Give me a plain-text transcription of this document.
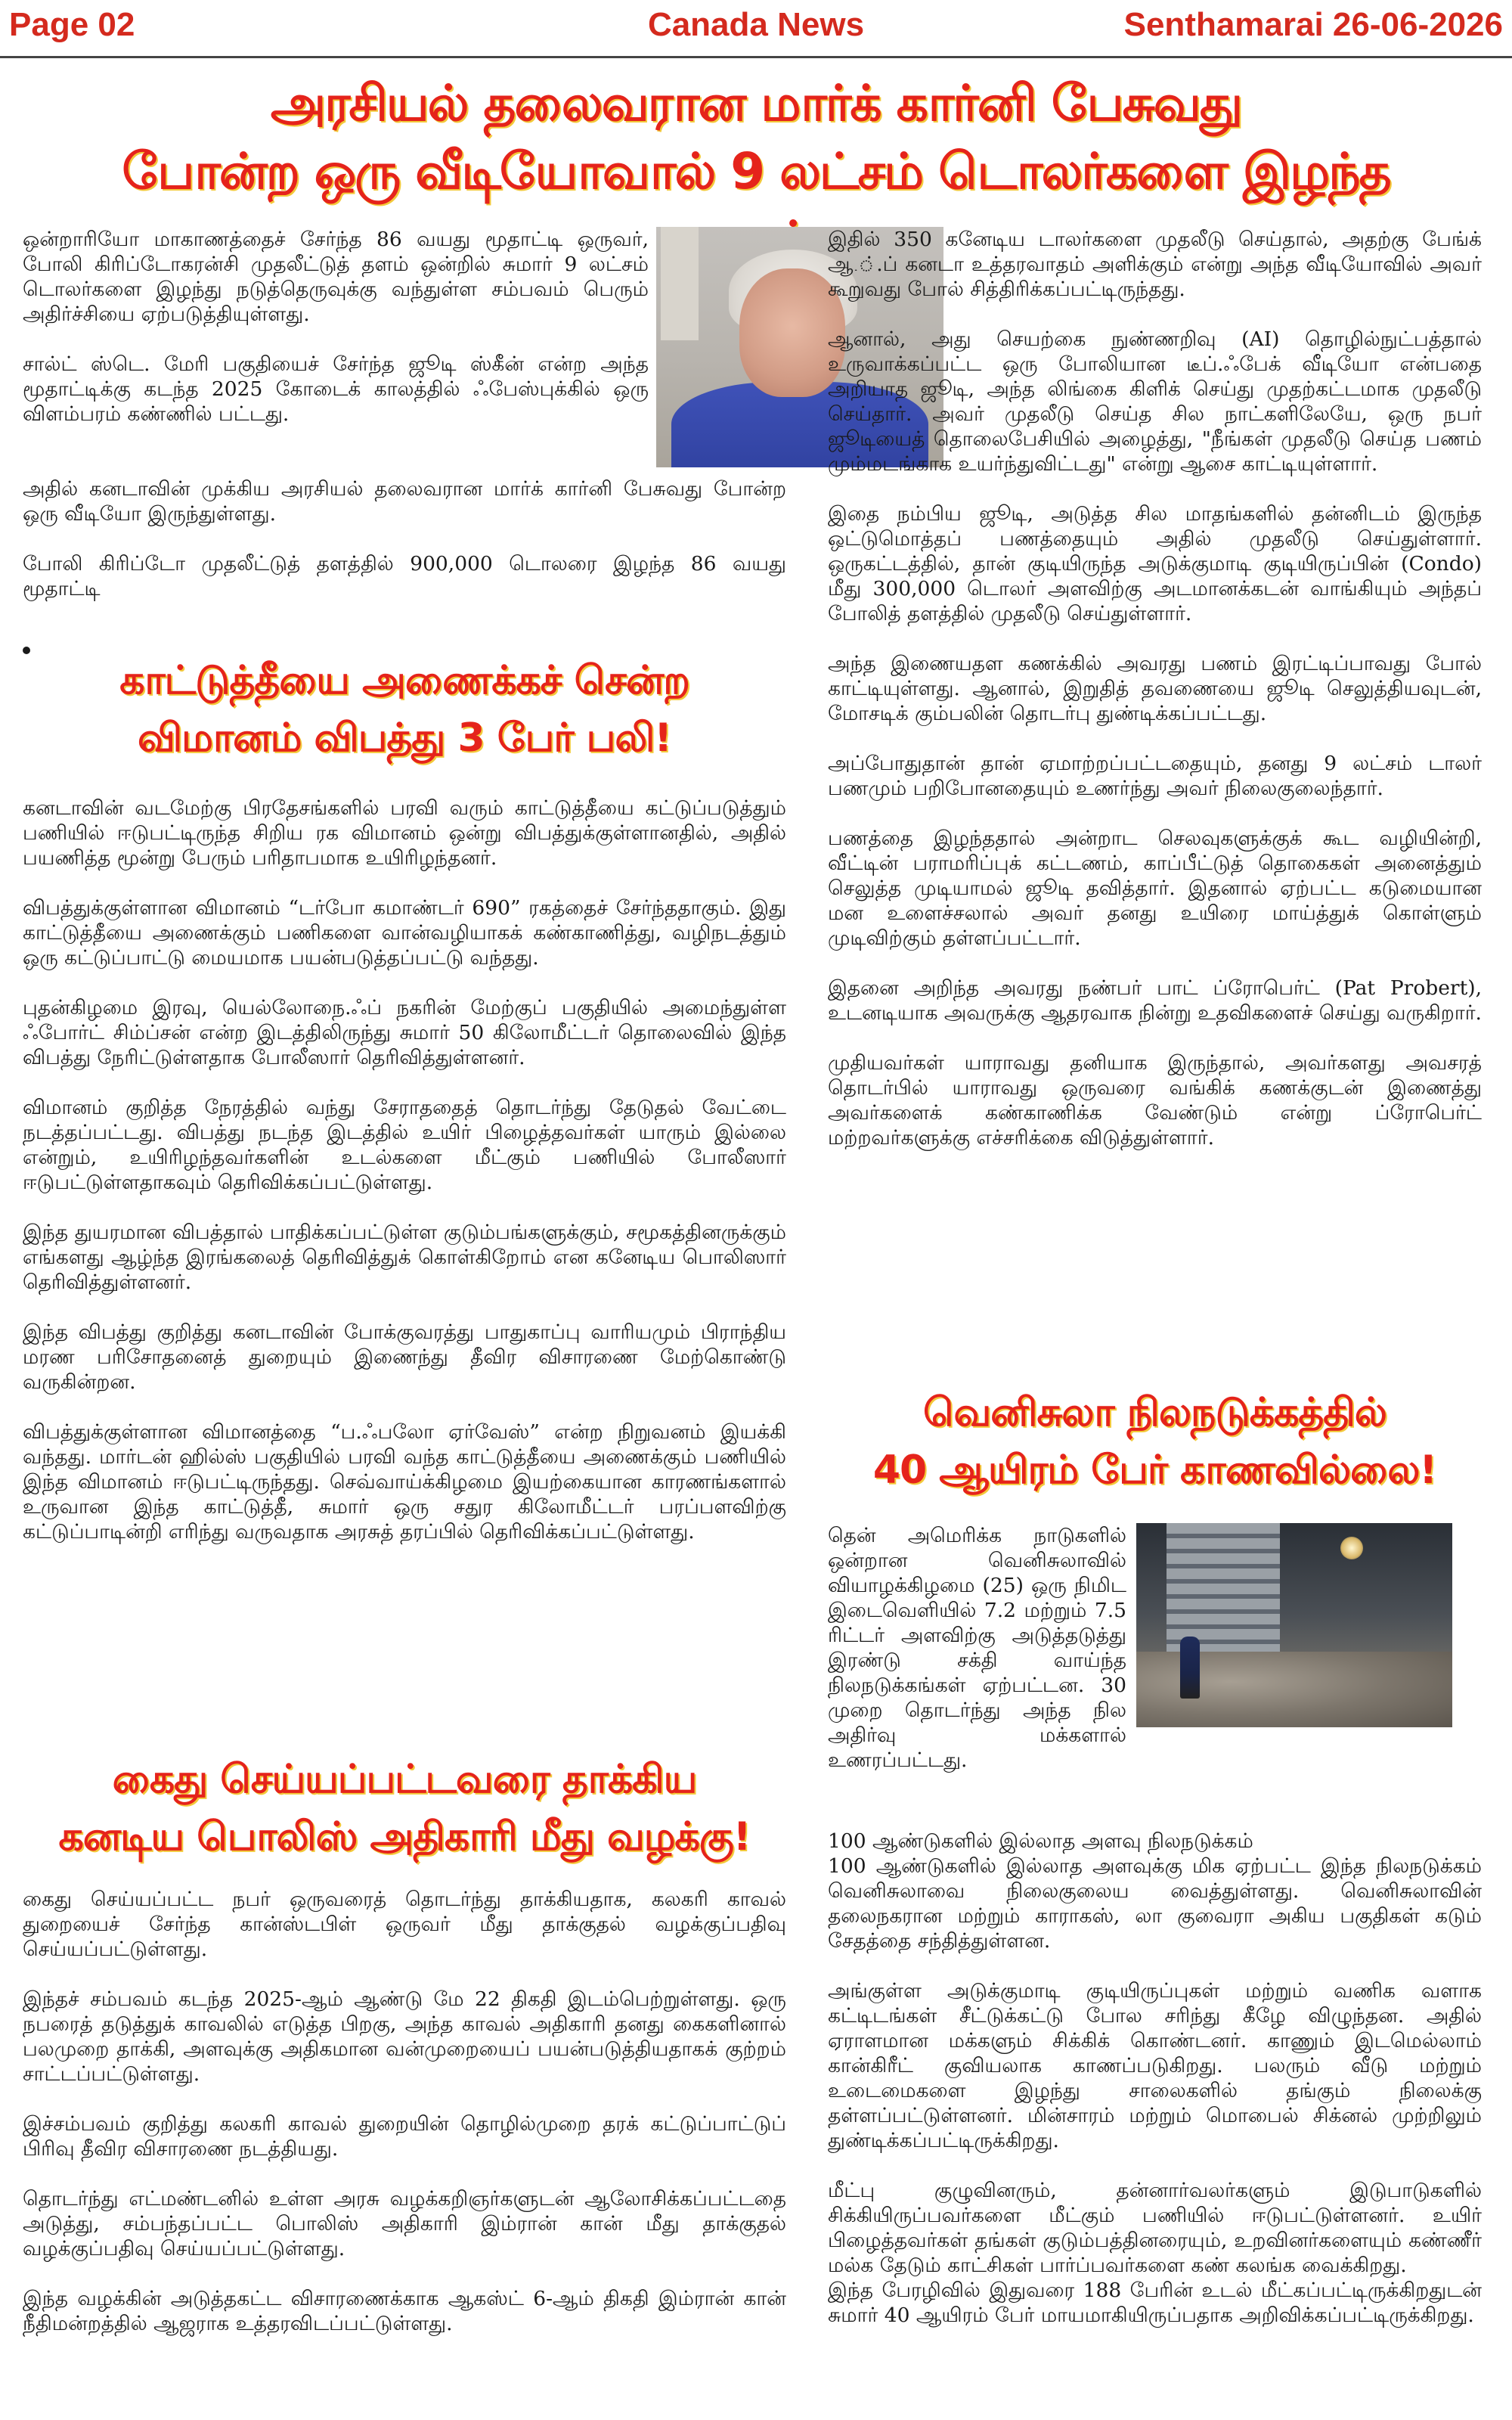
Page 02	Canada News	Senthamarai 26-06-2026
அரசியல் தலைவரான மார்க் கார்னி பேசுவது
போன்ற ஒரு வீடியோவால் 9 லட்சம் டொலர்களை இழந்த

ஒன்றாரியோ மாகாணத்தைச் சேர்ந்த 86 வயது மூதாட்டி ஒருவர், போலி கிரிப்டோகரன்சி முதலீட்டுத் தளம் ஒன்றில் சுமார் 9 லட்சம் டொலர்களை இழந்து நடுத்தெருவுக்கு வந்துள்ள சம்பவம் பெரும் அதிர்ச்சியை ஏற்படுத்தியுள்ளது.

சால்ட் ஸ்டெ. மேரி பகுதியைச் சேர்ந்த ஜூடி ஸ்கீன் என்ற அந்த மூதாட்டிக்கு கடந்த 2025 கோடைக் காலத்தில் ஃபேஸ்புக்கில் ஒரு விளம்பரம் கண்ணில் பட்டது.

அதில் கனடாவின் முக்கிய அரசியல் தலைவரான மார்க் கார்னி பேசுவது போன்ற ஒரு வீடியோ இருந்துள்ளது.

போலி கிரிப்டோ முதலீட்டுத் தளத்தில் 900,000 டொலரை இழந்த 86 வயது மூதாட்டி

இதில் 350 கனேடிய டாலர்களை முதலீடு செய்தால், அதற்கு பேங்க் ஆ.்.ப் கனடா உத்தரவாதம் அளிக்கும் என்று அந்த வீடியோவில் அவர் கூறுவது போல் சித்திரிக்கப்பட்டிருந்தது.

ஆனால், அது செயற்கை நுண்ணறிவு (AI) தொழில்நுட்பத்தால் உருவாக்கப்பட்ட ஒரு போலியான டீப்.ஃபேக் வீடியோ என்பதை அறியாத ஜூடி, அந்த லிங்கை கிளிக் செய்து முதற்கட்டமாக முதலீடு செய்தார். அவர் முதலீடு செய்த சில நாட்களிலேயே, ஒரு நபர் ஜூடியைத் தொலைபேசியில் அழைத்து, "நீங்கள் முதலீடு செய்த பணம் மும்மடங்காக உயர்ந்துவிட்டது" என்று ஆசை காட்டியுள்ளார்.

இதை நம்பிய ஜூடி, அடுத்த சில மாதங்களில் தன்னிடம் இருந்த ஒட்டுமொத்தப் பணத்தையும் அதில் முதலீடு செய்துள்ளார். ஒருகட்டத்தில், தான் குடியிருந்த அடுக்குமாடி குடியிருப்பின் (Condo) மீது 300,000 டொலர் அளவிற்கு அடமானக்கடன் வாங்கியும் அந்தப் போலித் தளத்தில் முதலீடு செய்துள்ளார்.

அந்த இணையதள கணக்கில் அவரது பணம் இரட்டிப்பாவது போல் காட்டியுள்ளது. ஆனால், இறுதித் தவணையை ஜூடி செலுத்தியவுடன், மோசடிக் கும்பலின் தொடர்பு துண்டிக்கப்பட்டது.

அப்போதுதான் தான் ஏமாற்றப்பட்டதையும், தனது 9 லட்சம் டாலர் பணமும் பறிபோனதையும் உணர்ந்து அவர் நிலைகுலைந்தார்.

பணத்தை இழந்ததால் அன்றாட செலவுகளுக்குக் கூட வழியின்றி, வீட்டின் பராமரிப்புக் கட்டணம், காப்பீட்டுத் தொகைகள் அனைத்தும் செலுத்த முடியாமல் ஜூடி தவித்தார். இதனால் ஏற்பட்ட கடுமையான மன உளைச்சலால் அவர் தனது உயிரை மாய்த்துக் கொள்ளும் முடிவிற்கும் தள்ளப்பட்டார்.

இதனை அறிந்த அவரது நண்பர் பாட் ப்ரோபெர்ட் (Pat Probert), உடனடியாக அவருக்கு ஆதரவாக நின்று உதவிகளைச் செய்து வருகிறார்.

முதியவர்கள் யாராவது தனியாக இருந்தால், அவர்களது அவசரத் தொடர்பில் யாராவது ஒருவரை வங்கிக் கணக்குடன் இணைத்து அவர்களைக் கண்காணிக்க வேண்டும் என்று ப்ரோபெர்ட் மற்றவர்களுக்கு எச்சரிக்கை விடுத்துள்ளார்.

காட்டுத்தீயை அணைக்கச் சென்ற
விமானம் விபத்து 3 பேர் பலி!

கனடாவின் வடமேற்கு பிரதேசங்களில் பரவி வரும் காட்டுத்தீயை கட்டுப்படுத்தும் பணியில் ஈடுபட்டிருந்த சிறிய ரக விமானம் ஒன்று விபத்துக்குள்ளானதில், அதில் பயணித்த மூன்று பேரும் பரிதாபமாக உயிரிழந்தனர்.

விபத்துக்குள்ளான விமானம் “டர்போ கமாண்டர் 690” ரகத்தைச் சேர்ந்ததாகும். இது காட்டுத்தீயை அணைக்கும் பணிகளை வான்வழியாகக் கண்காணித்து, வழிநடத்தும் ஒரு கட்டுப்பாட்டு மையமாக பயன்படுத்தப்பட்டு வந்தது.

புதன்கிழமை இரவு, யெல்லோநை.ஃப் நகரின் மேற்குப் பகுதியில் அமைந்துள்ள ஃபோர்ட் சிம்ப்சன் என்ற இடத்திலிருந்து சுமார் 50 கிலோமீட்டர் தொலைவில் இந்த விபத்து நேரிட்டுள்ளதாக போலீஸார் தெரிவித்துள்ளனர்.

விமானம் குறித்த நேரத்தில் வந்து சேராததைத் தொடர்ந்து தேடுதல் வேட்டை நடத்தப்பட்டது. விபத்து நடந்த இடத்தில் உயிர் பிழைத்தவர்கள் யாரும் இல்லை என்றும், உயிரிழந்தவர்களின் உடல்களை மீட்கும் பணியில் போலீஸார் ஈடுபட்டுள்ளதாகவும் தெரிவிக்கப்பட்டுள்ளது.

இந்த துயரமான விபத்தால் பாதிக்கப்பட்டுள்ள குடும்பங்களுக்கும், சமூகத்தினருக்கும் எங்களது ஆழ்ந்த இரங்கலைத் தெரிவித்துக் கொள்கிறோம் என கனேடிய பொலிஸார் தெரிவித்துள்ளனர்.

இந்த விபத்து குறித்து கனடாவின் போக்குவரத்து பாதுகாப்பு வாரியமும் பிராந்திய மரண பரிசோதனைத் துறையும் இணைந்து தீவிர விசாரணை மேற்கொண்டு வருகின்றன.

விபத்துக்குள்ளான விமானத்தை “ப.ஃபலோ ஏர்வேஸ்” என்ற நிறுவனம் இயக்கி வந்தது. மார்டன் ஹில்ஸ் பகுதியில் பரவி வந்த காட்டுத்தீயை அணைக்கும் பணியில் இந்த விமானம் ஈடுபட்டிருந்தது. செவ்வாய்க்கிழமை இயற்கையான காரணங்களால் உருவான இந்த காட்டுத்தீ, சுமார் ஒரு சதுர கிலோமீட்டர் பரப்பளவிற்கு கட்டுப்பாடின்றி எரிந்து வருவதாக அரசுத் தரப்பில் தெரிவிக்கப்பட்டுள்ளது.

கைது செய்யப்பட்டவரை தாக்கிய
கனடிய பொலிஸ் அதிகாரி மீது வழக்கு!

கைது செய்யப்பட்ட நபர் ஒருவரைத் தொடர்ந்து தாக்கியதாக, கலகரி காவல் துறையைச் சேர்ந்த கான்ஸ்டபிள் ஒருவர் மீது தாக்குதல் வழக்குப்பதிவு செய்யப்பட்டுள்ளது.

இந்தச் சம்பவம் கடந்த 2025-ஆம் ஆண்டு மே 22 திகதி இடம்பெற்றுள்ளது. ஒரு நபரைத் தடுத்துக் காவலில் எடுத்த பிறகு, அந்த காவல் அதிகாரி தனது கைகளினால் பலமுறை தாக்கி, அளவுக்கு அதிகமான வன்முறையைப் பயன்படுத்தியதாகக் குற்றம் சாட்டப்பட்டுள்ளது.

இச்சம்பவம் குறித்து கலகரி காவல் துறையின் தொழில்முறை தரக் கட்டுப்பாட்டுப் பிரிவு தீவிர விசாரணை நடத்தியது.

தொடர்ந்து எட்மண்டனில் உள்ள அரசு வழக்கறிஞர்களுடன் ஆலோசிக்கப்பட்டதை அடுத்து, சம்பந்தப்பட்ட பொலிஸ் அதிகாரி இம்ரான் கான் மீது தாக்குதல் வழக்குப்பதிவு செய்யப்பட்டுள்ளது.

இந்த வழக்கின் அடுத்தகட்ட விசாரணைக்காக ஆகஸ்ட் 6-ஆம் திகதி இம்ரான் கான் நீதிமன்றத்தில் ஆஜராக உத்தரவிடப்பட்டுள்ளது.

வெனிசுலா நிலநடுக்கத்தில்
40 ஆயிரம் பேர் காணவில்லை!

தென் அமெரிக்க நாடுகளில் ஒன்றான வெனிசுலாவில் வியாழக்கிழமை (25) ஒரு நிமிட இடைவெளியில் 7.2 மற்றும் 7.5 ரிட்டர் அளவிற்கு அடுத்தடுத்து இரண்டு சக்தி வாய்ந்த நிலநடுக்கங்கள் ஏற்பட்டன. 30 முறை தொடர்ந்து அந்த நில அதிர்வு மக்களால் உணரப்பட்டது.

100 ஆண்டுகளில் இல்லாத அளவு நிலநடுக்கம்

100 ஆண்டுகளில் இல்லாத அளவுக்கு மிக ஏற்பட்ட இந்த நிலநடுக்கம் வெனிசுலாவை நிலைகுலைய வைத்துள்ளது. வெனிசுலாவின் தலைநகரான மற்றும் காராகஸ், லா குவைரா அகிய பகுதிகள் கடும் சேதத்தை சந்தித்துள்ளன.

அங்குள்ள அடுக்குமாடி குடியிருப்புகள் மற்றும் வணிக வளாக கட்டிடங்கள் சீட்டுக்கட்டு போல சரிந்து கீழே விழுந்தன. அதில் ஏராளமான மக்களும் சிக்கிக் கொண்டனர். காணும் இடமெல்லாம் கான்கிரீட் குவியலாக காணப்படுகிறது. பலரும் வீடு மற்றும் உடைமைகளை இழந்து சாலைகளில் தங்கும் நிலைக்கு தள்ளப்பட்டுள்ளனர். மின்சாரம் மற்றும் மொபைல் சிக்னல் முற்றிலும் துண்டிக்கப்பட்டிருக்கிறது.

மீட்பு குழுவினரும், தன்னார்வலர்களும் இடுபாடுகளில் சிக்கியிருப்பவர்களை மீட்கும் பணியில் ஈடுபட்டுள்ளனர். உயிர் பிழைத்தவர்கள் தங்கள் குடும்பத்தினரையும், உறவினர்களையும் கண்ணீர் மல்க தேடும் காட்சிகள் பார்ப்பவர்களை கண் கலங்க வைக்கிறது.

இந்த பேரழிவில் இதுவரை 188 பேரின் உடல் மீட்கப்பட்டிருக்கிறதுடன் சுமார் 40 ஆயிரம் பேர் மாயமாகியிருப்பதாக அறிவிக்கப்பட்டிருக்கிறது.
